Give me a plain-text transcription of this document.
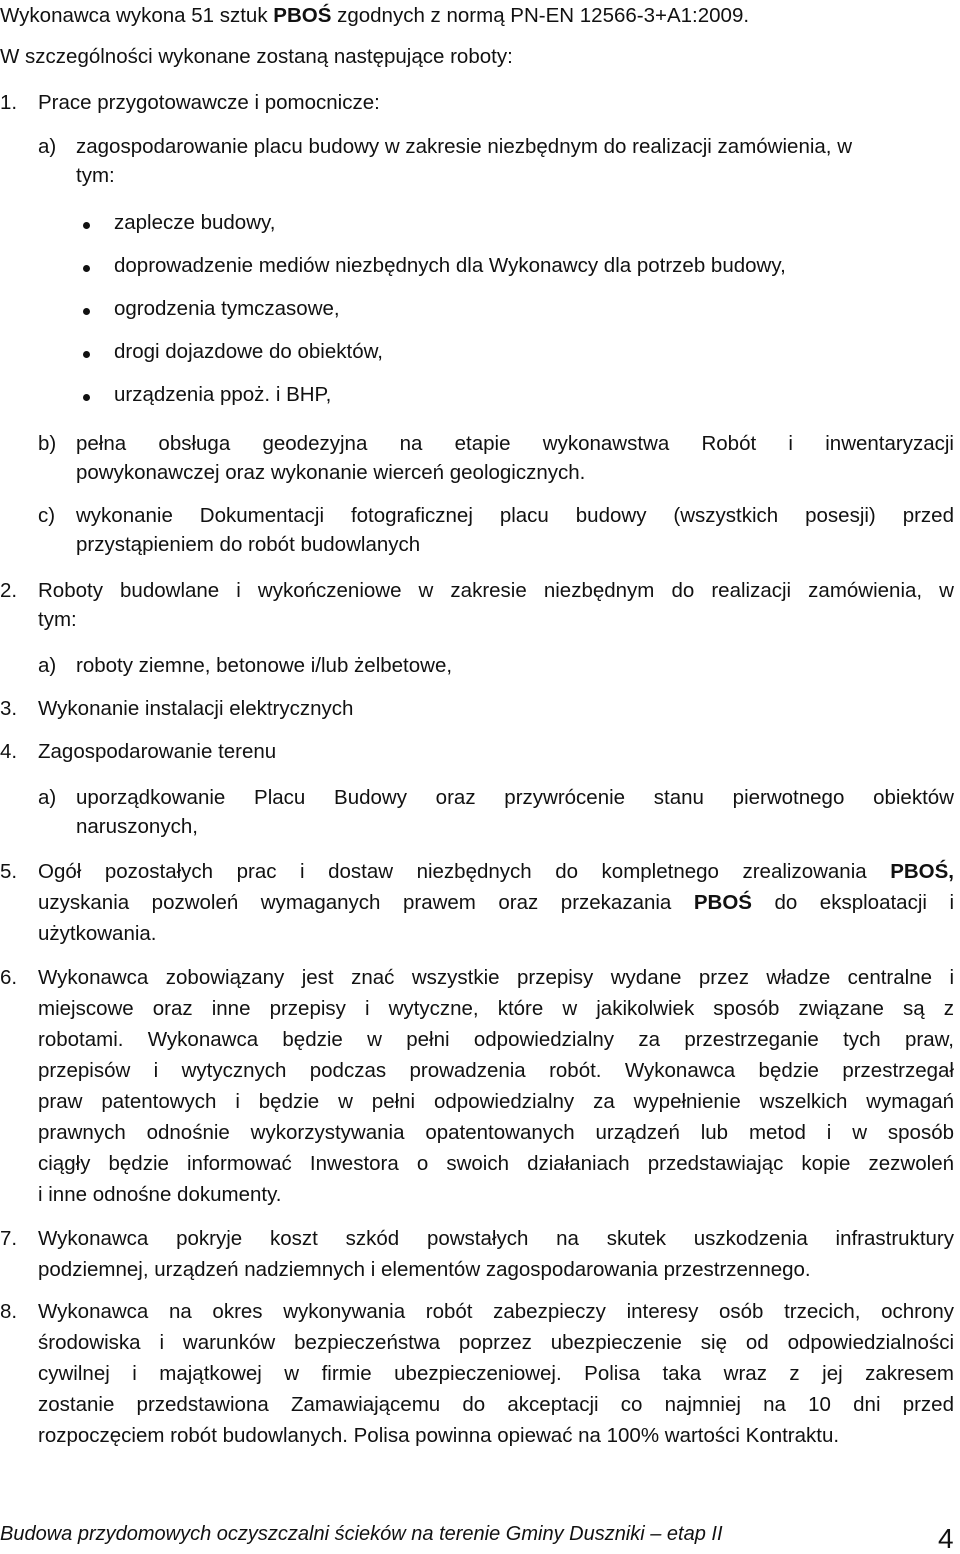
Wykonawca wykona 51 sztuk PBOŚ zgodnych z normą PN-EN 12566-3+A1:2009.
W szczególności wykonane zostaną następujące roboty:
1. Prace przygotowawcze i pomocnicze:
a) zagospodarowanie placu budowy w zakresie niezbędnym do realizacji zamówienia, w
tym:
zaplecze budowy,
doprowadzenie mediów niezbędnych dla Wykonawcy dla potrzeb budowy,
ogrodzenia tymczasowe,
drogi dojazdowe do obiektów,
urządzenia ppoż. i BHP,
b) pełna obsługa geodezyjna na etapie wykonawstwa Robót i inwentaryzacji
powykonawczej oraz wykonanie wierceń geologicznych.
c) wykonanie Dokumentacji fotograficznej placu budowy (wszystkich posesji) przed
przystąpieniem do robót budowlanych
2. Roboty budowlane i wykończeniowe w zakresie niezbędnym do realizacji zamówienia, w
tym:
a) roboty ziemne, betonowe i/lub żelbetowe,
3. Wykonanie instalacji elektrycznych
4. Zagospodarowanie terenu
a) uporządkowanie Placu Budowy oraz przywrócenie stanu pierwotnego obiektów
naruszonych,
5. Ogół pozostałych prac i dostaw niezbędnych do kompletnego zrealizowania PBOŚ,
uzyskania pozwoleń wymaganych prawem oraz przekazania PBOŚ do eksploatacji i
użytkowania.
6. Wykonawca zobowiązany jest znać wszystkie przepisy wydane przez władze centralne i
miejscowe oraz inne przepisy i wytyczne, które w jakikolwiek sposób związane są z
robotami. Wykonawca będzie w pełni odpowiedzialny za przestrzeganie tych praw,
przepisów i wytycznych podczas prowadzenia robót. Wykonawca będzie przestrzegał
praw patentowych i będzie w pełni odpowiedzialny za wypełnienie wszelkich wymagań
prawnych odnośnie wykorzystywania opatentowanych urządzeń lub metod i w sposób
ciągły będzie informować Inwestora o swoich działaniach przedstawiając kopie zezwoleń
i inne odnośne dokumenty.
7. Wykonawca pokryje koszt szkód powstałych na skutek uszkodzenia infrastruktury
podziemnej, urządzeń nadziemnych i elementów zagospodarowania przestrzennego.
8. Wykonawca na okres wykonywania robót zabezpieczy interesy osób trzecich, ochrony
środowiska i warunków bezpieczeństwa poprzez ubezpieczenie się od odpowiedzialności
cywilnej i majątkowej w firmie ubezpieczeniowej. Polisa taka wraz z jej zakresem
zostanie przedstawiona Zamawiającemu do akceptacji co najmniej na 10 dni przed
rozpoczęciem robót budowlanych. Polisa powinna opiewać na 100% wartości Kontraktu.
Budowa przydomowych oczyszczalni ścieków na terenie Gminy Duszniki – etap II	4
